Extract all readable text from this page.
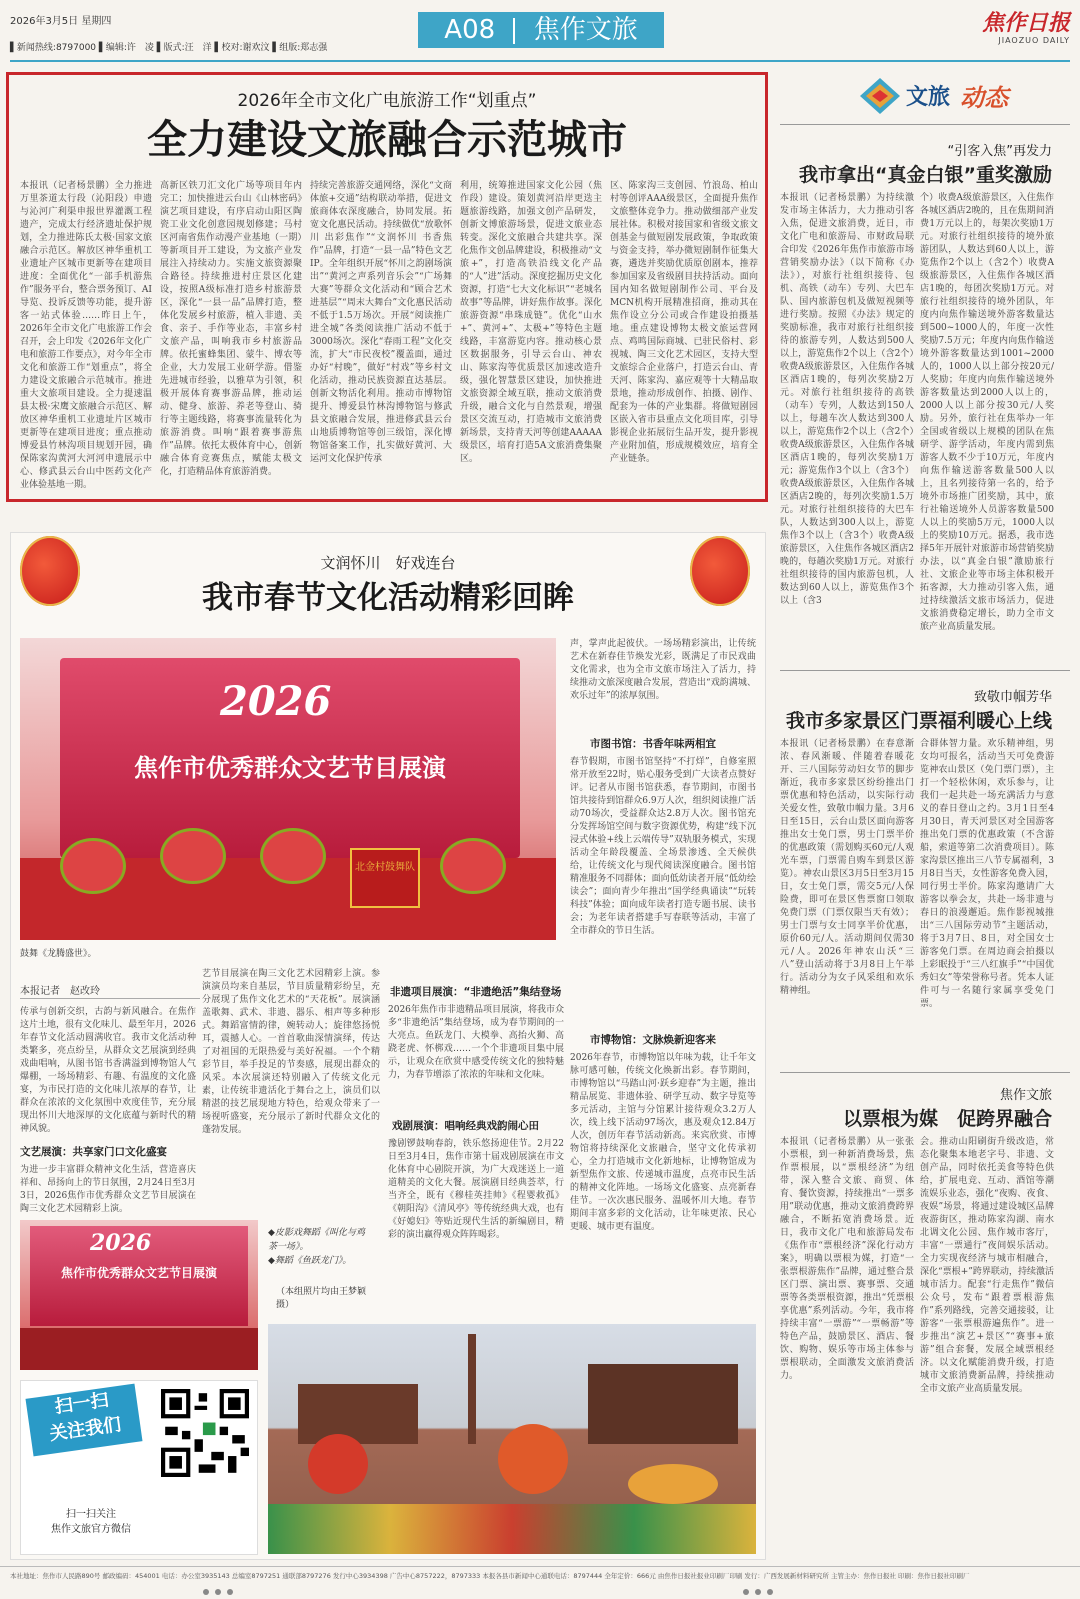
2026年3月5日 星期四
▌新闻热线:8797000 ▌编辑:许　凌 ▌版式:汪　洋 ▌校对:谢欢汶 ▌组版:郑志强
A08 焦作文旅	焦作日报
JIAOZUO DAILY
2026年全市文化广电旅游工作“划重点”
全力建设文旅融合示范城市
本报讯（记者杨景鹏）全力推进万里茶道太行段（沁阳段）申遗与沁河广利渠申报世界灌溉工程遗产，完成太行经济遗址保护规划，全力推进陈氏太极·国家文旅融合示范区。解放区神华重机工业遗址产区城市更新等在建项目进度：全面优化“一部手机游焦作”服务平台，整合票务预订、AI导览、投诉反馈等功能，提升游客一站式体验……昨日上午，2026年全市文化广电旅游工作会召开，会上印发《2026年文化广电和旅游工作要点》，对今年全市文化和旅游工作“划重点”，将全力建设文旅融合示范城市。推进重大文旅项目建设。全力提速温县太极·宋鹰文旅融合示范区、解放区神华重机工业遗址片区城市更新等在建项目进度；重点推动博爱县竹林沟项目规划开园，确保陈家沟黄河大河河申遗展示中心、修武县云台山中医药文化产业体验基地一期。
高新区铁刀汇文化广场等项目年内完工；加快推进云台山《山林密码》演艺项目建设，有序启动山阳区陶瓷工业文化创意园规划修建；马村区河南省焦作动漫产业基地（一期）等新项目开工建设，为文旅产业发展注入持续动力。实施文旅资源聚合路径。持续推进村庄景区化建设，按照A级标准打造乡村旅游景区，深化“一县一品”品牌打造，整体化发展乡村旅游，植入非遗、美食、亲子、手作等业态，丰富乡村文旅产品，叫响我市乡村旅游品牌。依托蜜蜂集团、蒙牛、博农等企业，大力发展工业研学游。借鉴先进城市经验，以雅草为引领，积极开展体育赛事游品牌，推动运动、健身、旅游、养老等登山、骑行等主题线路，将赛事流量转化为旅游消费。叫响“跟着赛事游焦作”品牌。依托太极体育中心，创新融合体育竞赛焦点，赋能太极文化，打造精品体育旅游消费。
持续完善旅游交通网络，深化“文商体旅+交通”结构联动举措，促进文旅商体农深度融合，协同发展。拓宽文化惠民活动。持续做优“放歌怀川 出彩焦作”“文润怀川 书香焦作”品牌，打造“一县一品”特色文艺IP。全年组织开展“怀川之韵剧场演出”“黄河之声系列音乐会”“广场舞大赛”等群众文化活动和“顾合艺术进基层”“周末大舞台”文化惠民活动不低于1.5万场次。开展“阅读推广进全城”各类阅读推广活动不低于3000场次。深化“春雨工程”文化交流，扩大“市民夜校”覆盖面，通过办好“村晚”，做好“村戏”等乡村文化活动，推动民族资源直达基层。创新文物活化利用。推动市博物馆提升、博爱县竹林沟博物馆与修武县文旅融合发展，推进修武县云台山地质博物馆等创三级馆，深化博物馆备案工作，扎实做好黄河、大运河文化保护传承
利用，统筹推进国家文化公园（焦作段）建设。策划黄河沿岸更迭主题旅游线路，加强文创产品研发，创新文博旅游场景，促进文旅业态转变。深化文旅融合共建共享。深化焦作文创品牌建设，积极推动“文旅+”，打造高铁沿线文化产品的“人”进”活动。深度挖掘历史文化资源，打造“七大文化标识”“老城名故事”等品牌，讲好焦作故事。深化旅游资源“串珠成链”。优化“山水+”、黄河+”、太极+”等特色主题线路，丰富游览内容。推动核心景区数据服务，引导云台山、神农山、陈家沟等优质景区加速改造升级，强化智慧景区建设，加快推进文旅资源全域互联，推动文旅消费升级，融合文化与自然景观，增强景区交流互动，打造城市文旅消费新场景，支持青天河等创建AAAAA级景区，培育打造5A文旅消费集聚区。
区、陈家沟三支创园、竹浪岛、柏山村等创评AAA级景区，全面提升焦作文旅整体竞争力。推动做细部产业发展社体。积极对接国家和省级文旅文创基金与做短剧发展政策，争取政策与资金支持，举办微短剧制作征集大赛，遴选并奖励优质原创剧本，推荐参加国家及省级剧目扶持活动。面向国内知名做短剧制作公司、平台及MCN机构开展精准招商，推动其在焦作设立分公司或合作建设拍摄基地。重点建设博物太极文旅运营网点、鸡鸣国际商城、已驻民俗村、彩视城、陶三文化艺术园区，支持大型文旅综合企业落户，打造云台山、青天河、陈家沟、嘉应观等十大精品取景地，推动形成创作、拍摄、剧作、配套为一体的产业集群。将做短剧园区嵌入省市县重点文化项目库，引导影视企业拓展衍生品开发，提升影视产业附加值，形成规模效应，培育全产业链条。
文旅 动态
“引客入焦”再发力
我市拿出“真金白银”重奖激励
本报讯（记者杨景鹏）为持续激发市场主体活力，大力推动引客入焦，促进文旅消费，近日，市文化广电和旅游局、市财政局联合印发《2026年焦作市旅游市场营销奖励办法》（以下简称《办法》），对旅行社组织接待、包机、高铁（动车）专列、大巴车队、国内旅游包机及做短视频等进行奖励。按照《办法》规定的奖励标准，我市对旅行社组织接待的旅游专列，人数达到500人以上，游览焦作2个以上（含2个）收费A级旅游景区，入住焦作各城区酒店1晚的，每列次奖励2万元。对旅行社组织接待的高铁（动车）专列，人数达到150人以上，每趟车次人数达到300人以上，游览焦作2个以上（含2个）收费A级旅游景区，入住焦作各城区酒店1晚的，每列次奖励1万元；游览焦作3个以上（含3个）收费A级旅游景区，入住焦作各城区酒店2晚的，每列次奖励1.5万元。对旅行社组织接待的大巴车队，人数达到300人以上，游览焦作3个以上（含3个）收费A级旅游景区，入住焦作各城区酒店2晚的，每趟次奖励1万元。对旅行社组织接待的国内旅游包机，人数达到60人以上，游览焦作3个以上（含3
个）收费A级旅游景区，入住焦作各城区酒店2晚的，且在焦期间消费1万元以上的，每架次奖励1万元。对旅行社组织接待的境外旅游团队，人数达到60人以上，游览焦作2个以上（含2个）收费A级旅游景区，入住焦作各城区酒店1晚的，每团次奖励1万元。对旅行社组织接待的境外团队，年度内向焦作输送境外游客数量达到500~1000人的，年度一次性奖励7.5万元；年度内向焦作输送境外游客数量达到1001~2000人的，1000人以上部分按20元/人奖励；年度内向焦作输送境外游客数量达到2000人以上的，2000人以上部分按30元/人奖励。另外，旅行社在焦举办一年全国或省级以上规模的团队在焦研学、游学活动，年度内需到焦游客人数不少于10万元，年度内向焦作输送游客数量500人以上，且名列接待第一名的，给予境外市场推广团奖励，其中，旅行社输送境外人员游客数量500人以上的奖励5万元，1000人以上的奖励10万元。据悉，我市选择5年开展针对旅游市场营销奖励办法，以“真金白银”激励旅行社、文旅企业等市场主体积极开拓客源，大力推动引客入焦，通过持续激活文旅市场活力，促进文旅消费稳定增长，助力全市文旅产业高质量发展。
致敬巾帼芳华
我市多家景区门票福利暖心上线
本报讯（记者杨景鹏）在春意渐浓、春风渐暖、伴随着春暖花开、三八国际劳动妇女节的脚步渐近，我市多家景区纷纷推出门票优惠和特色活动，以实际行动关爱女性，致敬巾帼力量。3月6日至15日，云台山景区面向游客推出女士免门票，男士门票半价的优惠政策（需划购买60元/人观光车票，门票需自购车到景区游览）。神农山景区3月5日至3月15日，女士免门票，需交5元/人保险费，即可在景区售票窗口领取免费门票（门票仅限当天有效）；男士门票与女士同享半价优惠，原价60元/人。活动期间仅需30元/人。2026年神农山沃“三八”登山活动将于3月8日上午举行。活动分为女子风采组和欢乐精神组。
合群体智力量。欢乐精神组，男女均可报名，活动当天可免费游览神农山景区（免门票门票），主打一个轻松休闲，欢乐参与，让我们一起共赴一场充满活力与意义的春日登山之约。3月1日至4月30日，青天河景区对全国游客推出免门票的优惠政策（不含游船，索道等第二次消费项目）。陈家沟景区推出三八节专属福利，3月8日当天，女性游客免费入园，同行男士半价。陈家沟邀请广大游客以拳会友，共赴一场非遗与春日的浪漫邂逅。焦作影视城推出“三八国际劳动节”主题活动，将于3月7日、8日，对全国女士游客免门票。在周边商会拍摄以上彩眠投于“三八红旗手”“中国优秀妇女”等荣誉称号者。凭本人证件可与一名随行家属享受免门票。
焦作文旅
以票根为媒　促跨界融合
本报讯（记者杨景鹏）从一张张小票根，到一种新消费场景，焦作票根展，以“票根经济”为纽带，深入整合文旅、商贸、体育、餐饮资源，持续推出“一票多用”联动优惠，推动文旅消费跨界融合，不断拓宽消费场景。近日，我市文化广电和旅游局发布《焦作市“票根经济”深化行动方案》，明确以票根为媒，打造“一张票根游焦作”品牌，通过整合景区门票、演出票、赛事票、交通票等各类票根资源，推出“凭票根享优惠”系列活动。今年，我市将持续丰富“一票游”“一票畅游”等特色产品，鼓励景区、酒店、餐饮、购物、娱乐等市场主体参与票根联动，全面激发文旅消费活力。
会。推动山阳刷街升级改造，常态化聚集本地老字号、非遗、文创产品，同时依托美食等特色供给，扩展电竞、互动、酒馆等潮流娱乐业态，强化“夜购、夜食、夜娱”场景，将通过建设城区品牌夜游街区，推动陈家沟湖、南水北调文化公园、焦作城市客厅，丰富“一票通行”夜间娱乐活动。全力实现夜经济与城市相融合，深化“票根+”跨界联动，持续激活城市活力。配套“行走焦作”微信公众号，发布“跟着票根游焦作”系列路线，完善交通接驳，让游客“一张票根游遍焦作”。进一步推出“演艺+景区”“赛事+旅游”组合套餐，发展全域票根经济。以文化赋能消费升级，打造城市文旅消费新品牌，持续推动全市文旅产业高质量发展。
文润怀川　好戏连台
我市春节文化活动精彩回眸
2026
焦作市优秀群众文艺节目展演
北金村鼓舞队
鼓舞《龙腾盛世》。
本报记者　赵改玲
传承与创新交织，古韵与新风融合。在焦作这片土地，很有文化味儿、最至年月，2026年春节文化活动圆满收官。我市文化活动种类繁多，亮点纷呈，从群众文艺展演到经典戏曲唱响，从图书馆书香满溢到博物馆人气爆棚，一场场精彩、有趣、有温度的文化盛宴，为市民打造的文化味儿浓厚的春节，让群众在浓浓的文化氛围中欢度佳节，充分展现出怀川大地深厚的文化底蕴与新时代的精神风貌。
文艺展演：共享家门口文化盛宴
为进一步丰富群众精神文化生活，营造喜庆祥和、昂扬向上的节日氛围，2月24日至3月3日，2026焦作市优秀群众文艺节目展演在陶三文化艺术园精彩上演。
艺节目展演在陶三文化艺术园精彩上演。参演演员均来自基层，节目质量精彩纷呈，充分展现了焦作文化艺术的“天花板”。展演涵盖歌舞、武术、非遗、器乐、相声等多种形式。舞蹈富情韵律，婉转动人；旋律悠扬悦耳，震撼人心。一首首歌曲深情演绎，传达了对祖国的无限热爱与美好祝福。一个个精彩节目，举手投足的节奏感，展现出群众的风采。本次展演还特别融入了传统文化元素，让传统非遗活化于舞台之上，演员们以精湛的技艺展现地方特色，给观众带来了一场视听盛宴，充分展示了新时代群众文化的蓬勃发展。
非遗项目展演：“非遗绝活”集结登场
2026年焦作市非遗精品项目展演，将我市众多“非遗绝活”集结登场，成为春节期间的一大亮点。鱼跃龙门、大模拳、高抬火狮、高跷老虎、怀梆戏……一个个非遗项目集中展示，让观众在欣赏中感受传统文化的独特魅力，为春节增添了浓浓的年味和文化味。
戏剧展演：唱响经典戏韵闹心田
豫剧锣鼓响春韵，铁乐悠扬迎佳节。2月22日至3月4日，焦作市第十届戏剧展演在市文化体育中心剧院开演，为广大戏迷送上一道道精美的文化大餐。展演剧目经典荟萃，行当齐全，既有《穆桂英挂帅》《程婴救孤》《朝阳沟》《清风亭》等传统经典大戏，也有《好媳妇》等贴近现代生活的新编剧目，精彩的演出赢得观众阵阵喝彩。
声，掌声此起彼伏。一场场精彩演出，让传统艺术在新春佳节焕发光彩，既满足了市民戏曲文化需求，也为全市文旅市场注入了活力，持续推动文旅深度融合发展，营造出“戏韵满城、欢乐过年”的浓厚氛围。
市图书馆：书香年味两相宜
春节假期，市图书馆坚持“不打烊”，自修室照常开放至22时，贴心服务受到广大读者点赞好评。记者从市图书馆获悉，春节期间，市图书馆共接待到馆群众6.9万人次，组织阅读推广活动70场次，受益群众达2.8万人次。图书馆充分发挥场馆空间与数字资源优势，构建“线下沉浸式体验+线上云端传导”双轨服务模式，实现活动全年龄段覆盖、全场景渗透、全天候供给，让传统文化与现代阅读深度融合。图书馆精准服务不同群体；面向低幼读者开展“低幼绘读会”；面向青少年推出“国学经典诵读”“玩转科技”体验；面向成年读者打造专题书展、读书会；为老年读者搭建手写春联等活动，丰富了全市群众的节日生活。
市博物馆：文脉焕新迎客来
2026年春节，市博物馆以年味为载，让千年文脉可感可触，传统文化焕新出彩。春节期间，市博物馆以“马踏山河·跃乡迎春”为主题，推出精品展览、非遗体验、研学互动、数字导览等多元活动，主馆与分馆累计接待观众3.2万人次，线上线下活动97场次，惠及观众12.84万人次，创历年春节活动新高。来宾欣赏、市博物馆将持续深化文旅融合，坚守文化传承初心，全力打造城市文化新地标，让博物馆成为新型焦作文旅、传递城市温度，点亮市民生活的精神文化阵地。一场场文化盛宴、点亮新春佳节。一次次惠民服务、温暖怀川大地。春节期间丰富多彩的文化活动，让年味更浓、民心更暖、城市更有温度。
2026
焦作市优秀群众文艺节目展演
◆皮影戏舞蹈《叫化与鸡茶一场》。
◆舞蹈《鱼跃龙门》。
（本组照片均由王梦颖摄）
扫一扫
关注我们
扫一扫关注
焦作文旅官方微信
本社地址：焦作市人民路890号 邮政编码：454001 电话：办公室3935143 总编室8797251 通联部8797276 发行中心3934398 广告中心8757222，8797333 本报各县市新闻中心通联电话：8797444 全年定价：666元 由焦作日报社报业印刷厂印刷 发行：广西发展新材料研究所 主管主办：焦作日报社 印刷：焦作日报社印刷厂
